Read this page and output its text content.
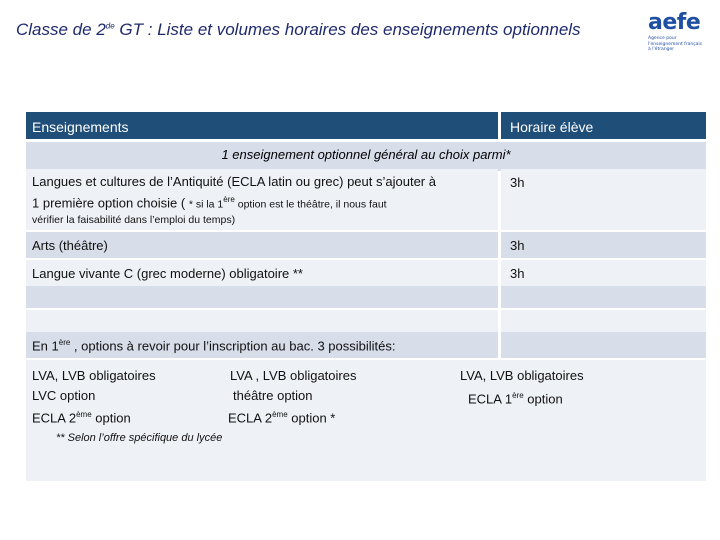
Classe de 2de GT : Liste et volumes horaires des enseignements optionnels	aefe
Agence pour
l'enseignement français
à l'étranger
Enseignements	Horaire élève
1 enseignement optionnel général au choix parmi*
Langues et cultures de l’Antiquité (ECLA latin ou grec) peut s’ajouter à
1 première option choisie ( * si la 1ère option est le théâtre, il nous faut
vérifier la faisabilité dans l’emploi du temps)
3h
Arts (théâtre)	3h
Langue vivante C (grec moderne) obligatoire **	3h
En 1ère , options à revoir pour l’inscription au bac. 3 possibilités:
LVA, LVB obligatoires
LVC option
ECLA 2ème option
LVA , LVB obligatoires
théâtre option
ECLA 2ème option *
LVA, LVB obligatoires
ECLA 1ère option
** Selon l’offre spécifique du lycée
